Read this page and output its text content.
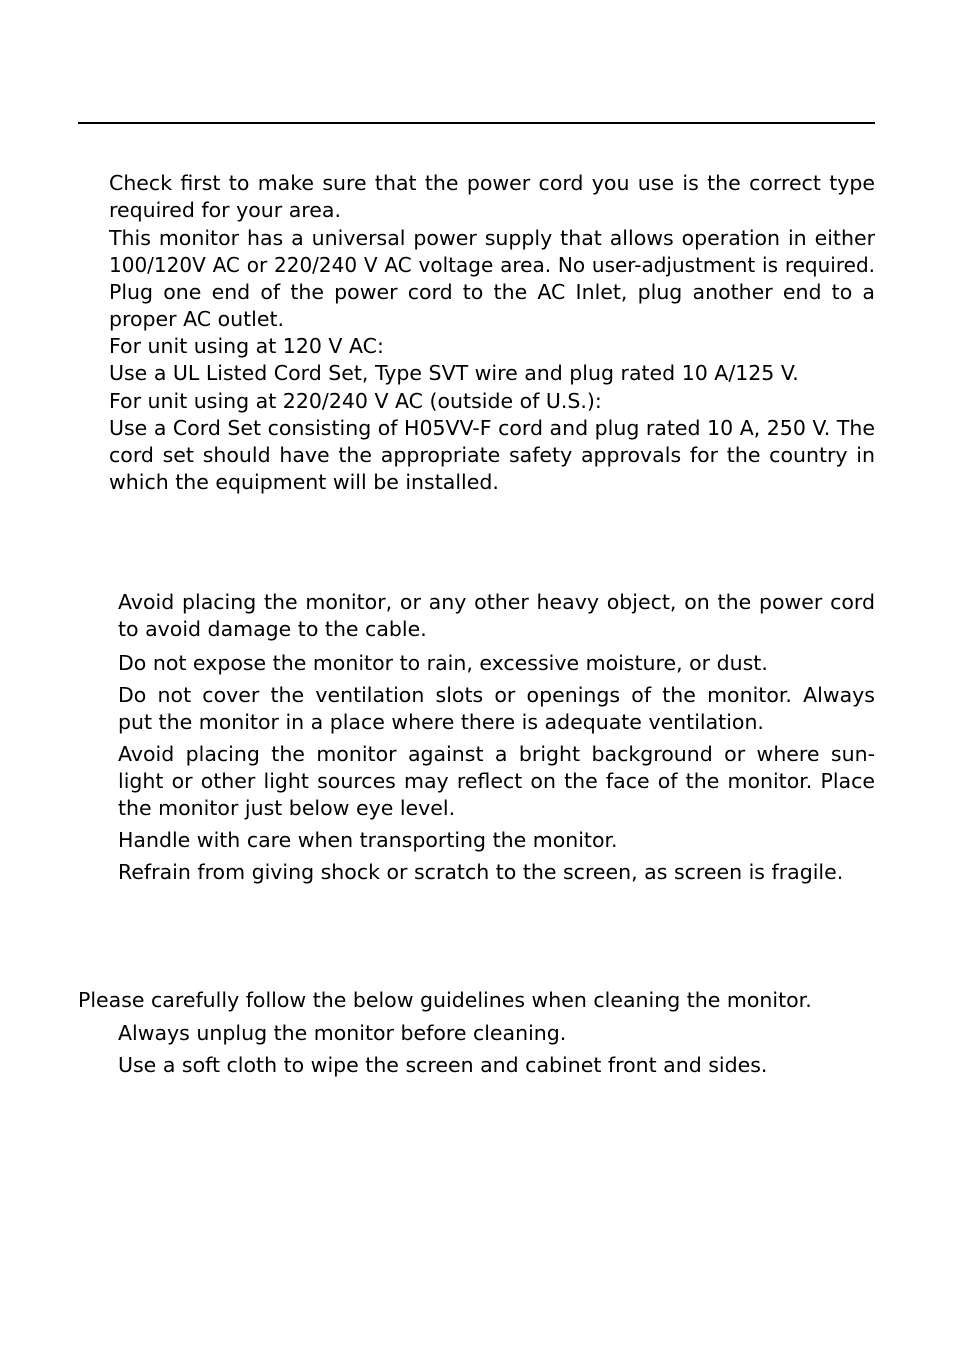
Check first to make sure that the power cord you use is the correct type

required for your area.

This monitor has a universal power supply that allows operation in either

100/120V AC or 220/240 V AC voltage area. No user-adjustment is required.

Plug one end of the power cord to the AC Inlet, plug another end to a

proper AC outlet.

For unit using at 120 V AC:

Use a UL Listed Cord Set, Type SVT wire and plug rated 10 A/125 V.

For unit using at 220/240 V AC (outside of U.S.):

Use a Cord Set consisting of H05VV-F cord and plug rated 10 A, 250 V. The

cord set should have the appropriate safety approvals for the country in

which the equipment will be installed.

Avoid placing the monitor, or any other heavy object, on the power cord

to avoid damage to the cable.

Do not expose the monitor to rain, excessive moisture, or dust.

Do not cover the ventilation slots or openings of the monitor. Always

put the monitor in a place where there is adequate ventilation.

Avoid placing the monitor against a bright background or where sun-

light or other light sources may reflect on the face of the monitor. Place

the monitor just below eye level.

Handle with care when transporting the monitor.

Refrain from giving shock or scratch to the screen, as screen is fragile.

Please carefully follow the below guidelines when cleaning the monitor.

Always unplug the monitor before cleaning.

Use a soft cloth to wipe the screen and cabinet front and sides.
